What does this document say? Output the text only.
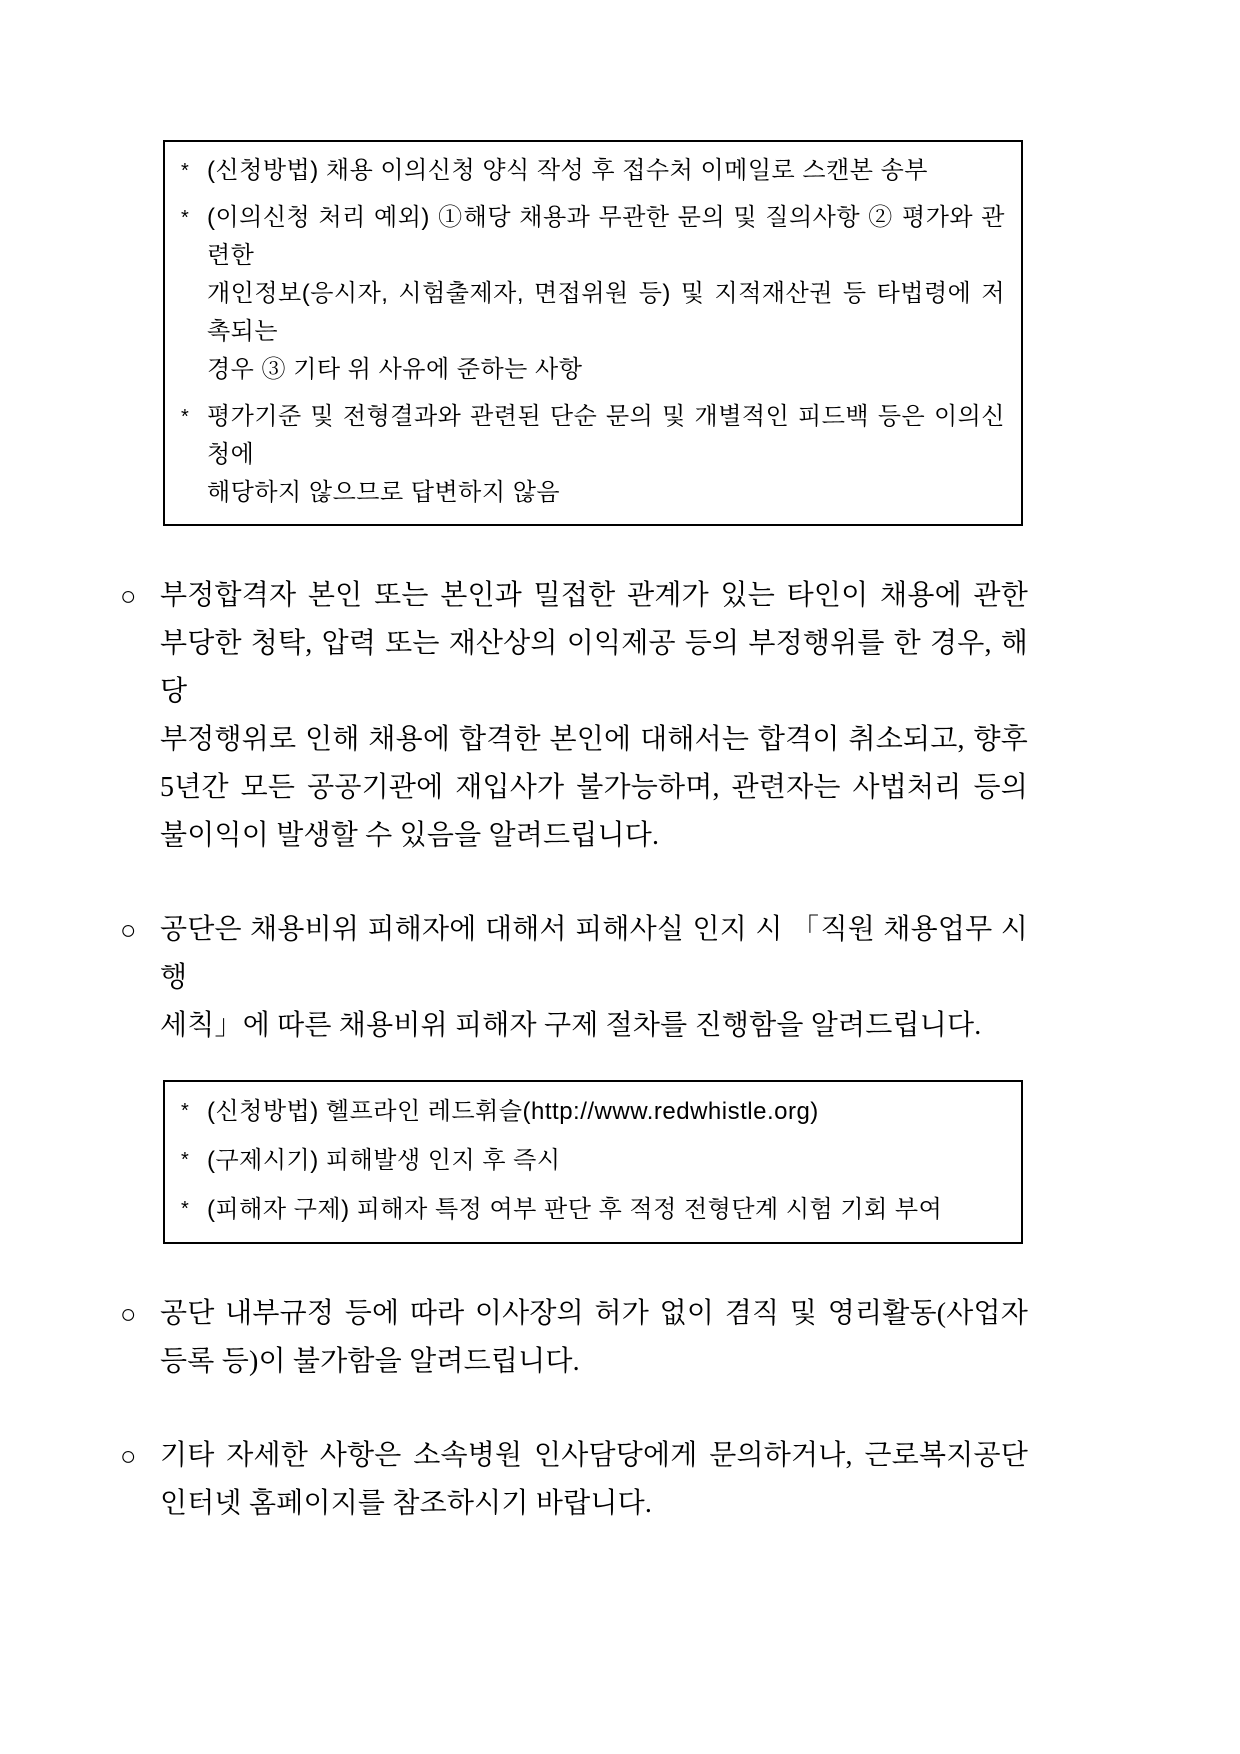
* (신청방법) 채용 이의신청 양식 작성 후 접수처 이메일로 스캔본 송부
* (이의신청 처리 예외) ①해당 채용과 무관한 문의 및 질의사항 ② 평가와 관련한
개인정보(응시자, 시험출제자, 면접위원 등) 및 지적재산권 등 타법령에 저촉되는
경우 ③ 기타 위 사유에 준하는 사항
* 평가기준 및 전형결과와 관련된 단순 문의 및 개별적인 피드백 등은 이의신청에
해당하지 않으므로 답변하지 않음
○ 부정합격자 본인 또는 본인과 밀접한 관계가 있는 타인이 채용에 관한
부당한 청탁, 압력 또는 재산상의 이익제공 등의 부정행위를 한 경우, 해당
부정행위로 인해 채용에 합격한 본인에 대해서는 합격이 취소되고, 향후
5년간 모든 공공기관에 재입사가 불가능하며, 관련자는 사법처리 등의
불이익이 발생할 수 있음을 알려드립니다.
○ 공단은 채용비위 피해자에 대해서 피해사실 인지 시 「직원 채용업무 시행
세칙」에 따른 채용비위 피해자 구제 절차를 진행함을 알려드립니다.
* (신청방법) 헬프라인 레드휘슬(http://www.redwhistle.org)
* (구제시기) 피해발생 인지 후 즉시
* (피해자 구제) 피해자 특정 여부 판단 후 적정 전형단계 시험 기회 부여
○ 공단 내부규정 등에 따라 이사장의 허가 없이 겸직 및 영리활동(사업자
등록 등)이 불가함을 알려드립니다.
○ 기타 자세한 사항은 소속병원 인사담당에게 문의하거나, 근로복지공단
인터넷 홈페이지를 참조하시기 바랍니다.
